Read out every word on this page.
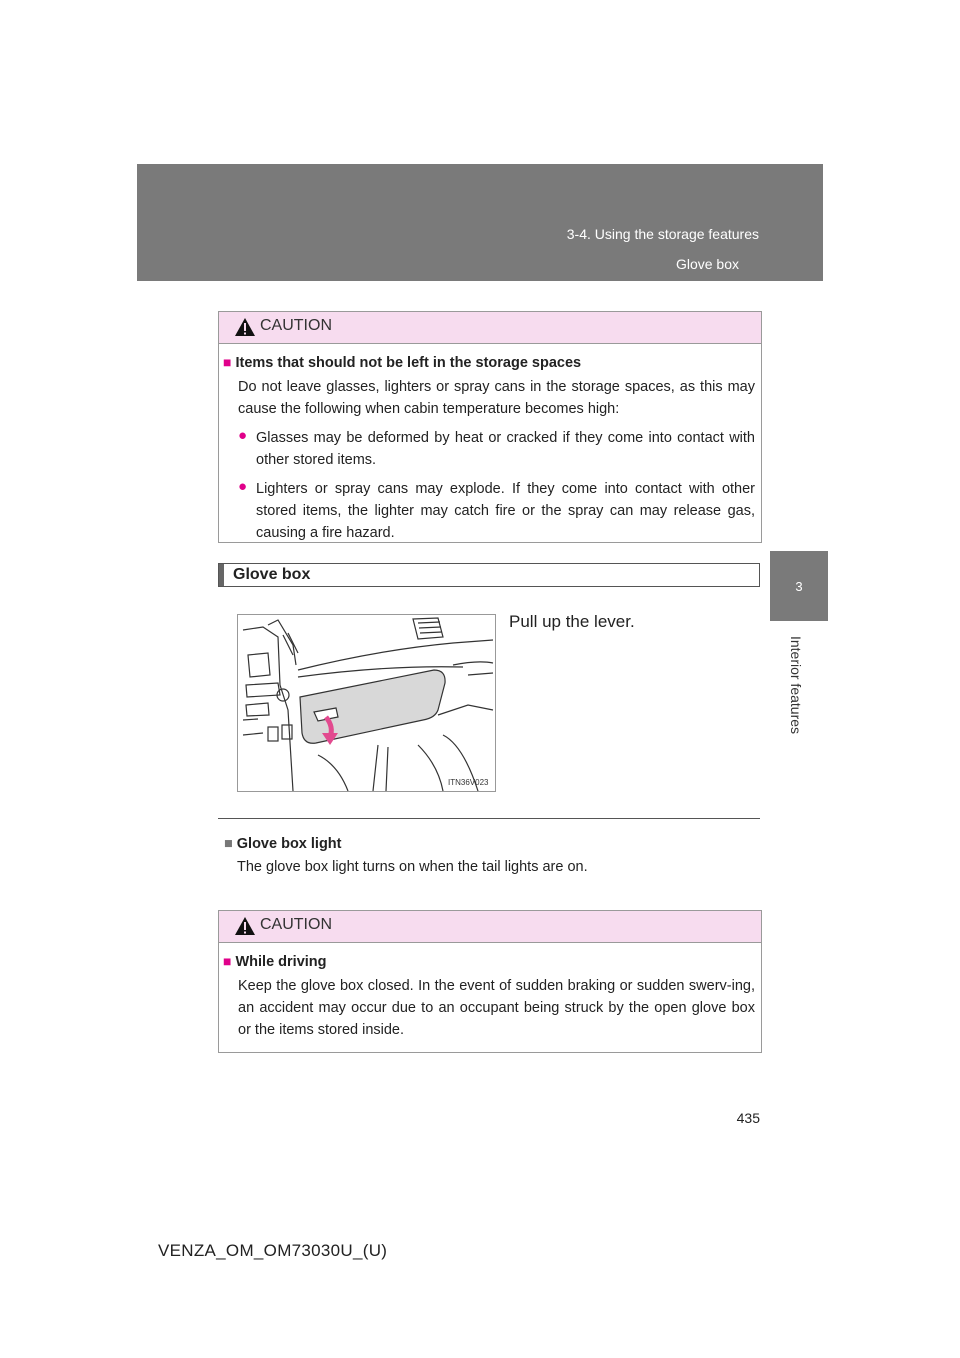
3-4. Using the storage features
Glove box
3
Interior features
CAUTION

■ Items that should not be left in the storage spaces

Do not leave glasses, lighters or spray cans in the storage spaces, as this may cause the following when cabin temperature becomes high:

● Glasses may be deformed by heat or cracked if they come into contact with other stored items.

● Lighters or spray cans may explode. If they come into contact with other stored items, the lighter may catch fire or the spray can may release gas, causing a fire hazard.

Glove box
ITN36V023
Pull up the lever.

■ Glove box light

The glove box light turns on when the tail lights are on.

CAUTION

■ While driving

Keep the glove box closed. In the event of sudden braking or sudden swerv-ing, an accident may occur due to an occupant being struck by the open glove box or the items stored inside.

435
VENZA_OM_OM73030U_(U)
